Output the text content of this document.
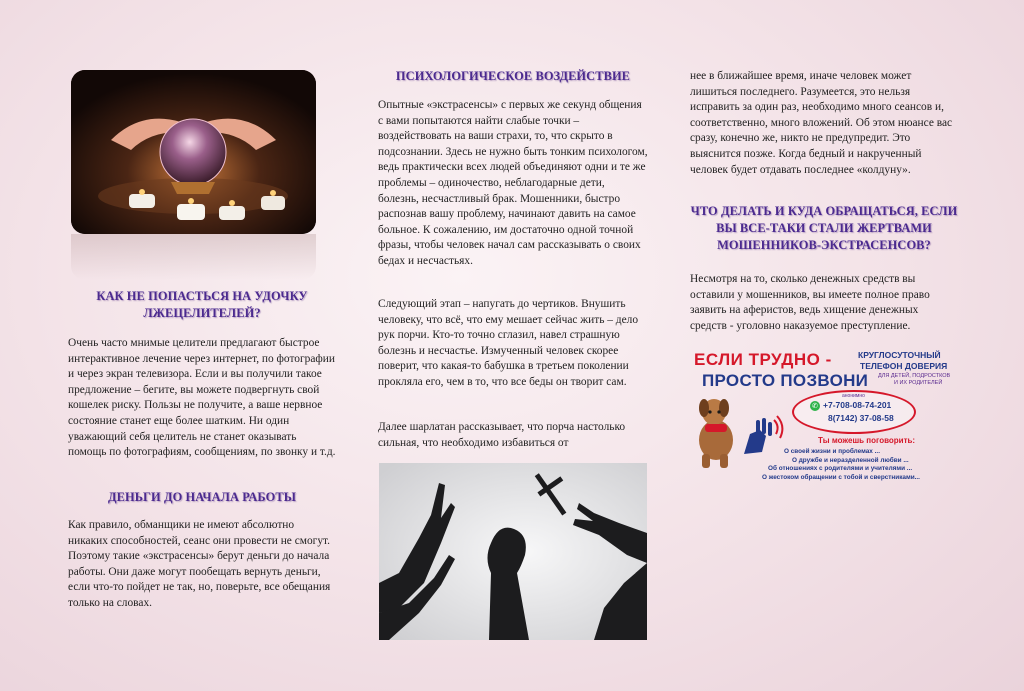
КАК НЕ ПОПАСТЬСЯ НА УДОЧКУ ЛЖЕЦЕЛИТЕЛЕЙ?

Очень часто мнимые целители предлагают быстрое интерактивное лечение через интернет, по фотографии и через экран телевизора. Если и вы получили такое предложение – бегите, вы можете подвергнуть свой кошелек риску. Пользы не получите, а ваше нервное состояние станет еще более шатким. Ни один уважающий себя целитель не станет оказывать помощь по фотографиям, сообщениям, по звонку и т.д.

ДЕНЬГИ ДО НАЧАЛА РАБОТЫ

Как правило, обманщики не имеют абсолютно никаких способностей, сеанс они провести не смогут. Поэтому такие «экстрасенсы» берут деньги до начала работы. Они даже могут пообещать вернуть деньги, если что-то пойдет не так, но, поверьте, все обещания только на словах.

ПСИХОЛОГИЧЕСКОЕ ВОЗДЕЙСТВИЕ

Опытные «экстрасенсы» с первых же секунд общения с вами попытаются найти слабые точки – воздействовать на ваши страхи, то, что скрыто в подсознании. Здесь не нужно быть тонким психологом, ведь практически всех людей объединяют одни и те же проблемы – одиночество, неблагодарные дети, болезнь, несчастливый брак. Мошенники, быстро распознав вашу проблему, начинают давить на самое больное. К сожалению, им достаточно одной точной фразы, чтобы человек начал сам рассказывать о своих бедах и несчастьях.

Следующий этап – напугать до чертиков. Внушить человеку, что всё, что ему мешает сейчас жить – дело рук порчи. Кто-то точно сглазил, навел страшную болезнь и несчастье. Измученный человек скорее поверит, что какая-то бабушка в третьем поколении прокляла его, чем в то, что все беды он творит сам.

Далее шарлатан рассказывает, что порча настолько сильная, что необходимо избавиться от

нее в ближайшее время, иначе человек может лишиться последнего. Разумеется, это нельзя исправить за один раз, необходимо много сеансов и, соответственно, много вложений. Об этом нюансе вас сразу, конечно же, никто не предупредит. Это выяснится позже. Когда бедный и накрученный человек будет отдавать последнее «колдуну».

ЧТО ДЕЛАТЬ И КУДА ОБРАЩАТЬСЯ, ЕСЛИ ВЫ ВСЕ-ТАКИ СТАЛИ ЖЕРТВАМИ МОШЕННИКОВ-ЭКСТРАСЕНСОВ?

Несмотря на то, сколько денежных средств вы оставили у мошенников, вы имеете полное право заявить на аферистов, ведь хищение денежных средств - уголовно наказуемое преступление.

ЕСЛИ ТРУДНО -
ПРОСТО ПОЗВОНИ
КРУГЛОСУТОЧНЫЙ
ТЕЛЕФОН ДОВЕРИЯ
ДЛЯ ДЕТЕЙ, ПОДРОСТКОВ
И ИХ РОДИТЕЛЕЙ
анонимно
✆ +7-708-08-74-201
8(7142) 37-08-58
Ты можешь поговорить:
О своей жизни и проблемах ...
О дружбе и неразделенной любви ...
Об отношениях с родителями и учителями ...
О жестоком обращении с тобой и сверстниками...
